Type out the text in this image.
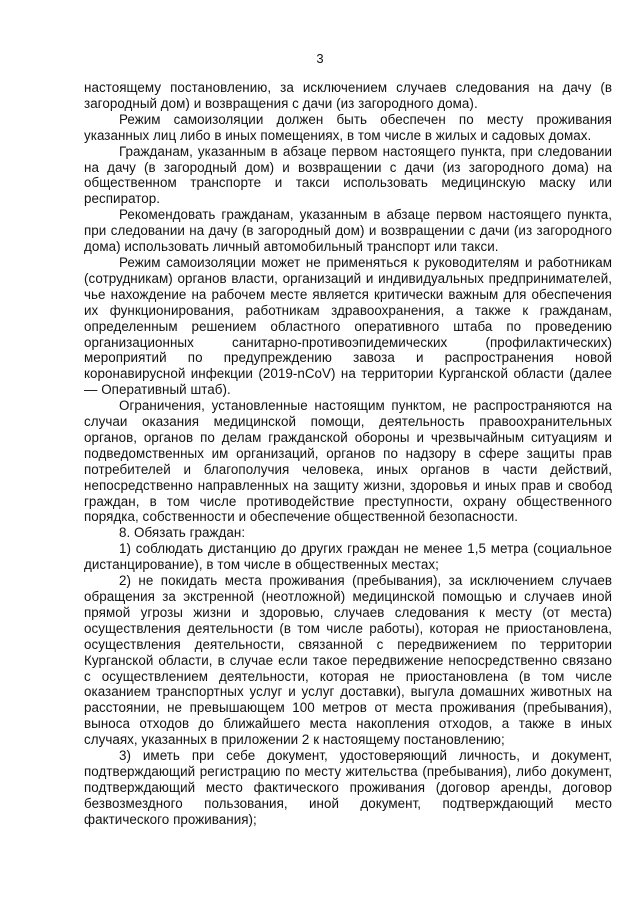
3

настоящему постановлению, за исключением случаев следования на дачу (в загородный дом) и возвращения с дачи (из загородного дома).

Режим самоизоляции должен быть обеспечен по месту проживания указанных лиц либо в иных помещениях, в том числе в жилых и садовых домах.

Гражданам, указанным в абзаце первом настоящего пункта, при следовании на дачу (в загородный дом) и возвращении с дачи (из загородного дома) на общественном транспорте и такси использовать медицинскую маску или респиратор.

Рекомендовать гражданам, указанным в абзаце первом настоящего пункта, при следовании на дачу (в загородный дом) и возвращении с дачи (из загородного дома) использовать личный автомобильный транспорт или такси.

Режим самоизоляции может не применяться к руководителям и работникам (сотрудникам) органов власти, организаций и индивидуальных предпринимателей, чье нахождение на рабочем месте является критически важным для обеспечения их функционирования, работникам здравоохранения, а также к гражданам, определенным решением областного оперативного штаба по проведению организационных санитарно-противоэпидемических (профилактических) мероприятий по предупреждению завоза и распространения новой коронавирусной инфекции (2019-nCoV) на территории Курганской области (далее — Оперативный штаб).

Ограничения, установленные настоящим пунктом, не распространяются на случаи оказания медицинской помощи, деятельность правоохранительных органов, органов по делам гражданской обороны и чрезвычайным ситуациям и подведомственных им организаций, органов по надзору в сфере защиты прав потребителей и благополучия человека, иных органов в части действий, непосредственно направленных на защиту жизни, здоровья и иных прав и свобод граждан, в том числе противодействие преступности, охрану общественного порядка, собственности и обеспечение общественной безопасности.

8. Обязать граждан:

1) соблюдать дистанцию до других граждан не менее 1,5 метра (социальное дистанцирование), в том числе в общественных местах;

2) не покидать места проживания (пребывания), за исключением случаев обращения за экстренной (неотложной) медицинской помощью и случаев иной прямой угрозы жизни и здоровью, случаев следования к месту (от места) осуществления деятельности (в том числе работы), которая не приостановлена, осуществления деятельности, связанной с передвижением по территории Курганской области, в случае если такое передвижение непосредственно связано с осуществлением деятельности, которая не приостановлена (в том числе оказанием транспортных услуг и услуг доставки), выгула домашних животных на расстоянии, не превышающем 100 метров от места проживания (пребывания), выноса отходов до ближайшего места накопления отходов, а также в иных случаях, указанных в приложении 2 к настоящему постановлению;

3) иметь при себе документ, удостоверяющий личность, и документ, подтверждающий регистрацию по месту жительства (пребывания), либо документ, подтверждающий место фактического проживания (договор аренды, договор безвозмездного пользования, иной документ, подтверждающий место фактического проживания);
